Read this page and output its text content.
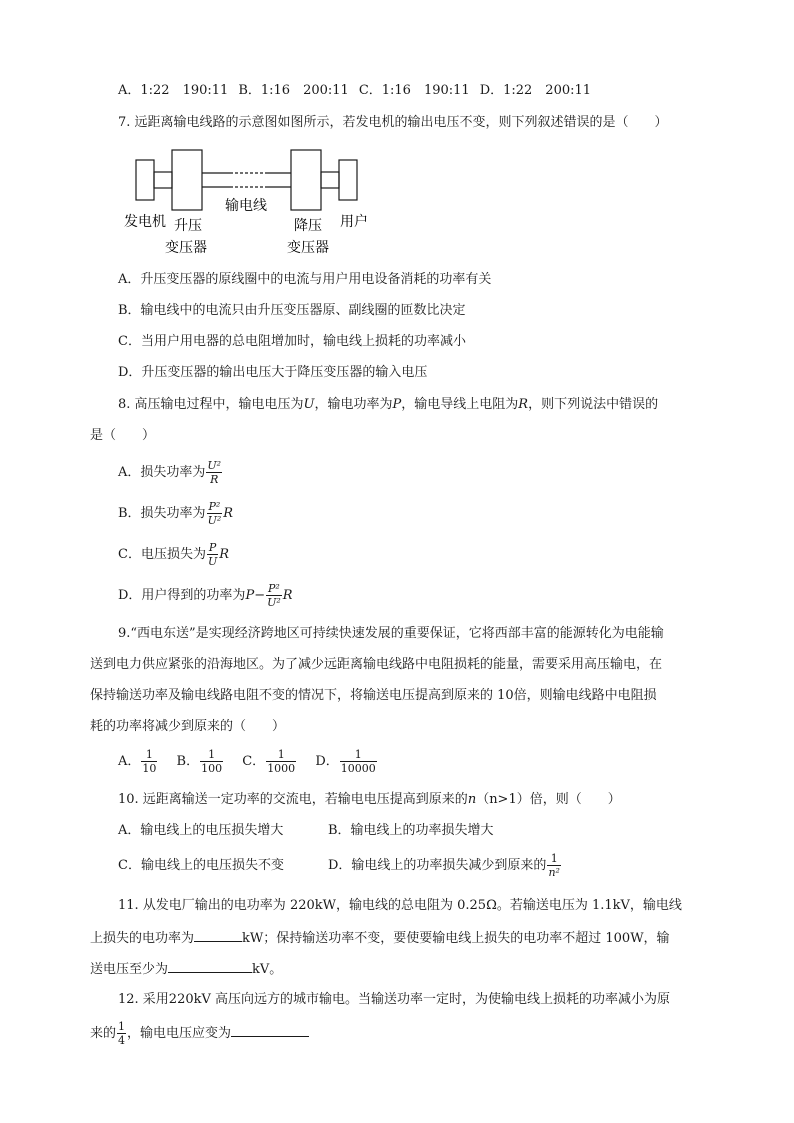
A．1:22　190:11 B．1:16　200:11 C．1:16　190:11 D．1:22　200:11
7. 远距离输电线路的示意图如图所示，若发电机的输出电压不变，则下列叙述错误的是（　　）
发电机 升压
变压器
输电线
降压
变压器
用户
A．升压变压器的原线圈中的电流与用户用电设备消耗的功率有关
B．输电线中的电流只由升压变压器原、副线圈的匝数比决定
C．当用户用电器的总电阻增加时，输电线上损耗的功率减小
D．升压变压器的输出电压大于降压变压器的输入电压
8. 高压输电过程中，输电电压为U，输电功率为P，输电导线上电阻为R，则下列说法中错误的
是（　　）
A．损失功率为 $\frac{\text{U²}}{R}$
B．损失功率为 $\frac{\text{P²}}{\text{U²}}$ R
C．电压损失为 $\frac{P}{U}$ R
D．用户得到的功率为$P- \frac{\text{P²}}{\text{U²}}$ R
9.“西电东送”是实现经济跨地区可持续快速发展的重要保证，它将西部丰富的能源转化为电能输
送到电力供应紧张的沿海地区。为了减少远距离输电线路中电阻损耗的能量，需要采用高压输电，在
保持输送功率及输电线路电阻不变的情况下，将输送电压提高到原来的 10倍，则输电线路中电阻损
耗的功率将减少到原来的（　　）
A． $\frac{1}{10}$ B． $\frac{1}{100}$ C． $\frac{1}{1000}$ D． $\frac{1}{10000}$
10. 远距离输送一定功率的交流电，若输电电压提高到原来的n（n>1）倍，则（　　）
A．输电线上的电压损失增大	B．输电线上的功率损失增大
C．输电线上的电压损失不变	D．输电线上的功率损失减少到原来的 $\frac{1}{\text{n²}}$
11. 从发电厂输出的电功率为 220kW，输电线的总电阻为 0.25Ω。若输送电压为 1.1kV，输电线
上损失的电功率为	kW；保持输送功率不变，要使要输电线上损失的电功率不超过 100W，输
送电压至少为	kV。
12. 采用220kV 高压向远方的城市输电。当输送功率一定时，为使输电线上损耗的功率减小为原
来的 $\frac{1}{4}$ ，输电电压应变为
